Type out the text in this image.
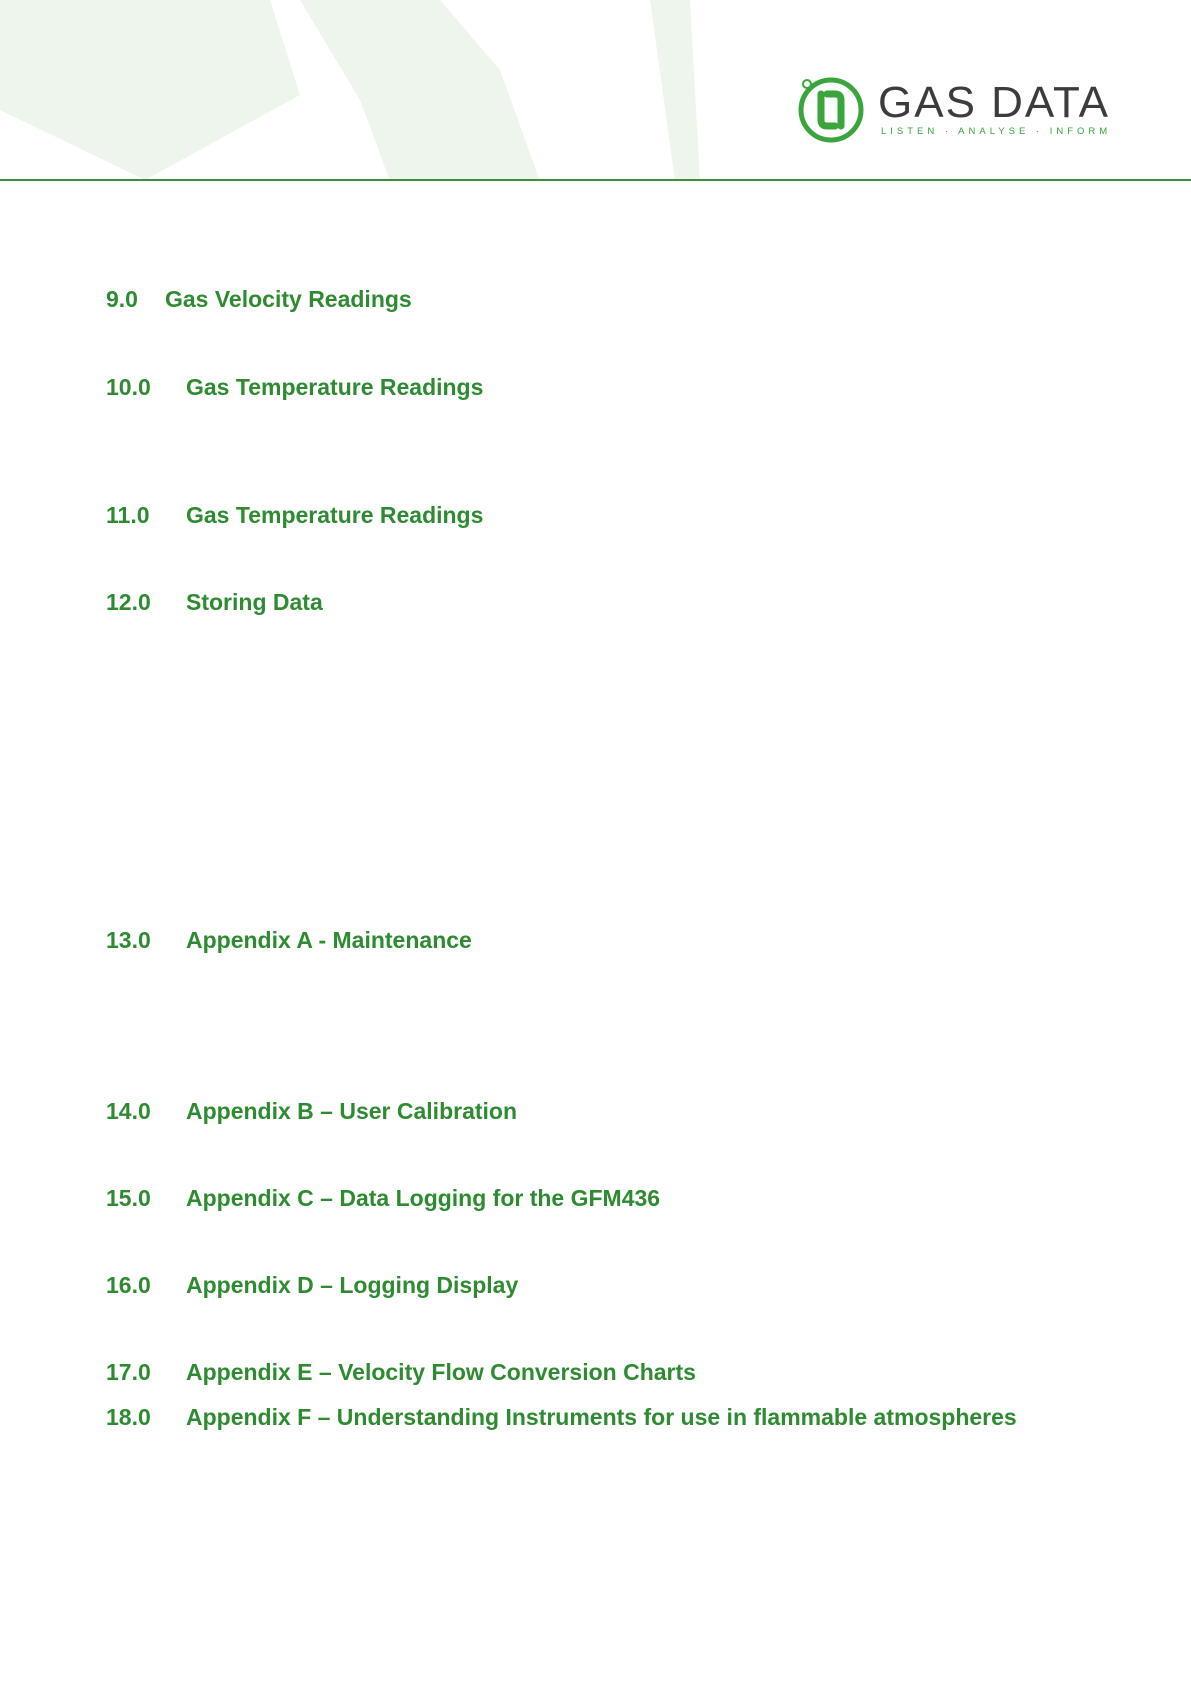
GAS DATA
LISTEN · ANALYSE · INFORM
9.0 Gas Velocity Readings
10.0 Gas Temperature Readings
11.0 Gas Temperature Readings
12.0 Storing Data
13.0 Appendix A - Maintenance
14.0 Appendix B – User Calibration
15.0 Appendix C – Data Logging for the GFM436
16.0 Appendix D – Logging Display
17.0 Appendix E – Velocity Flow Conversion Charts
18.0 Appendix F – Understanding Instruments for use in flammable atmospheres
